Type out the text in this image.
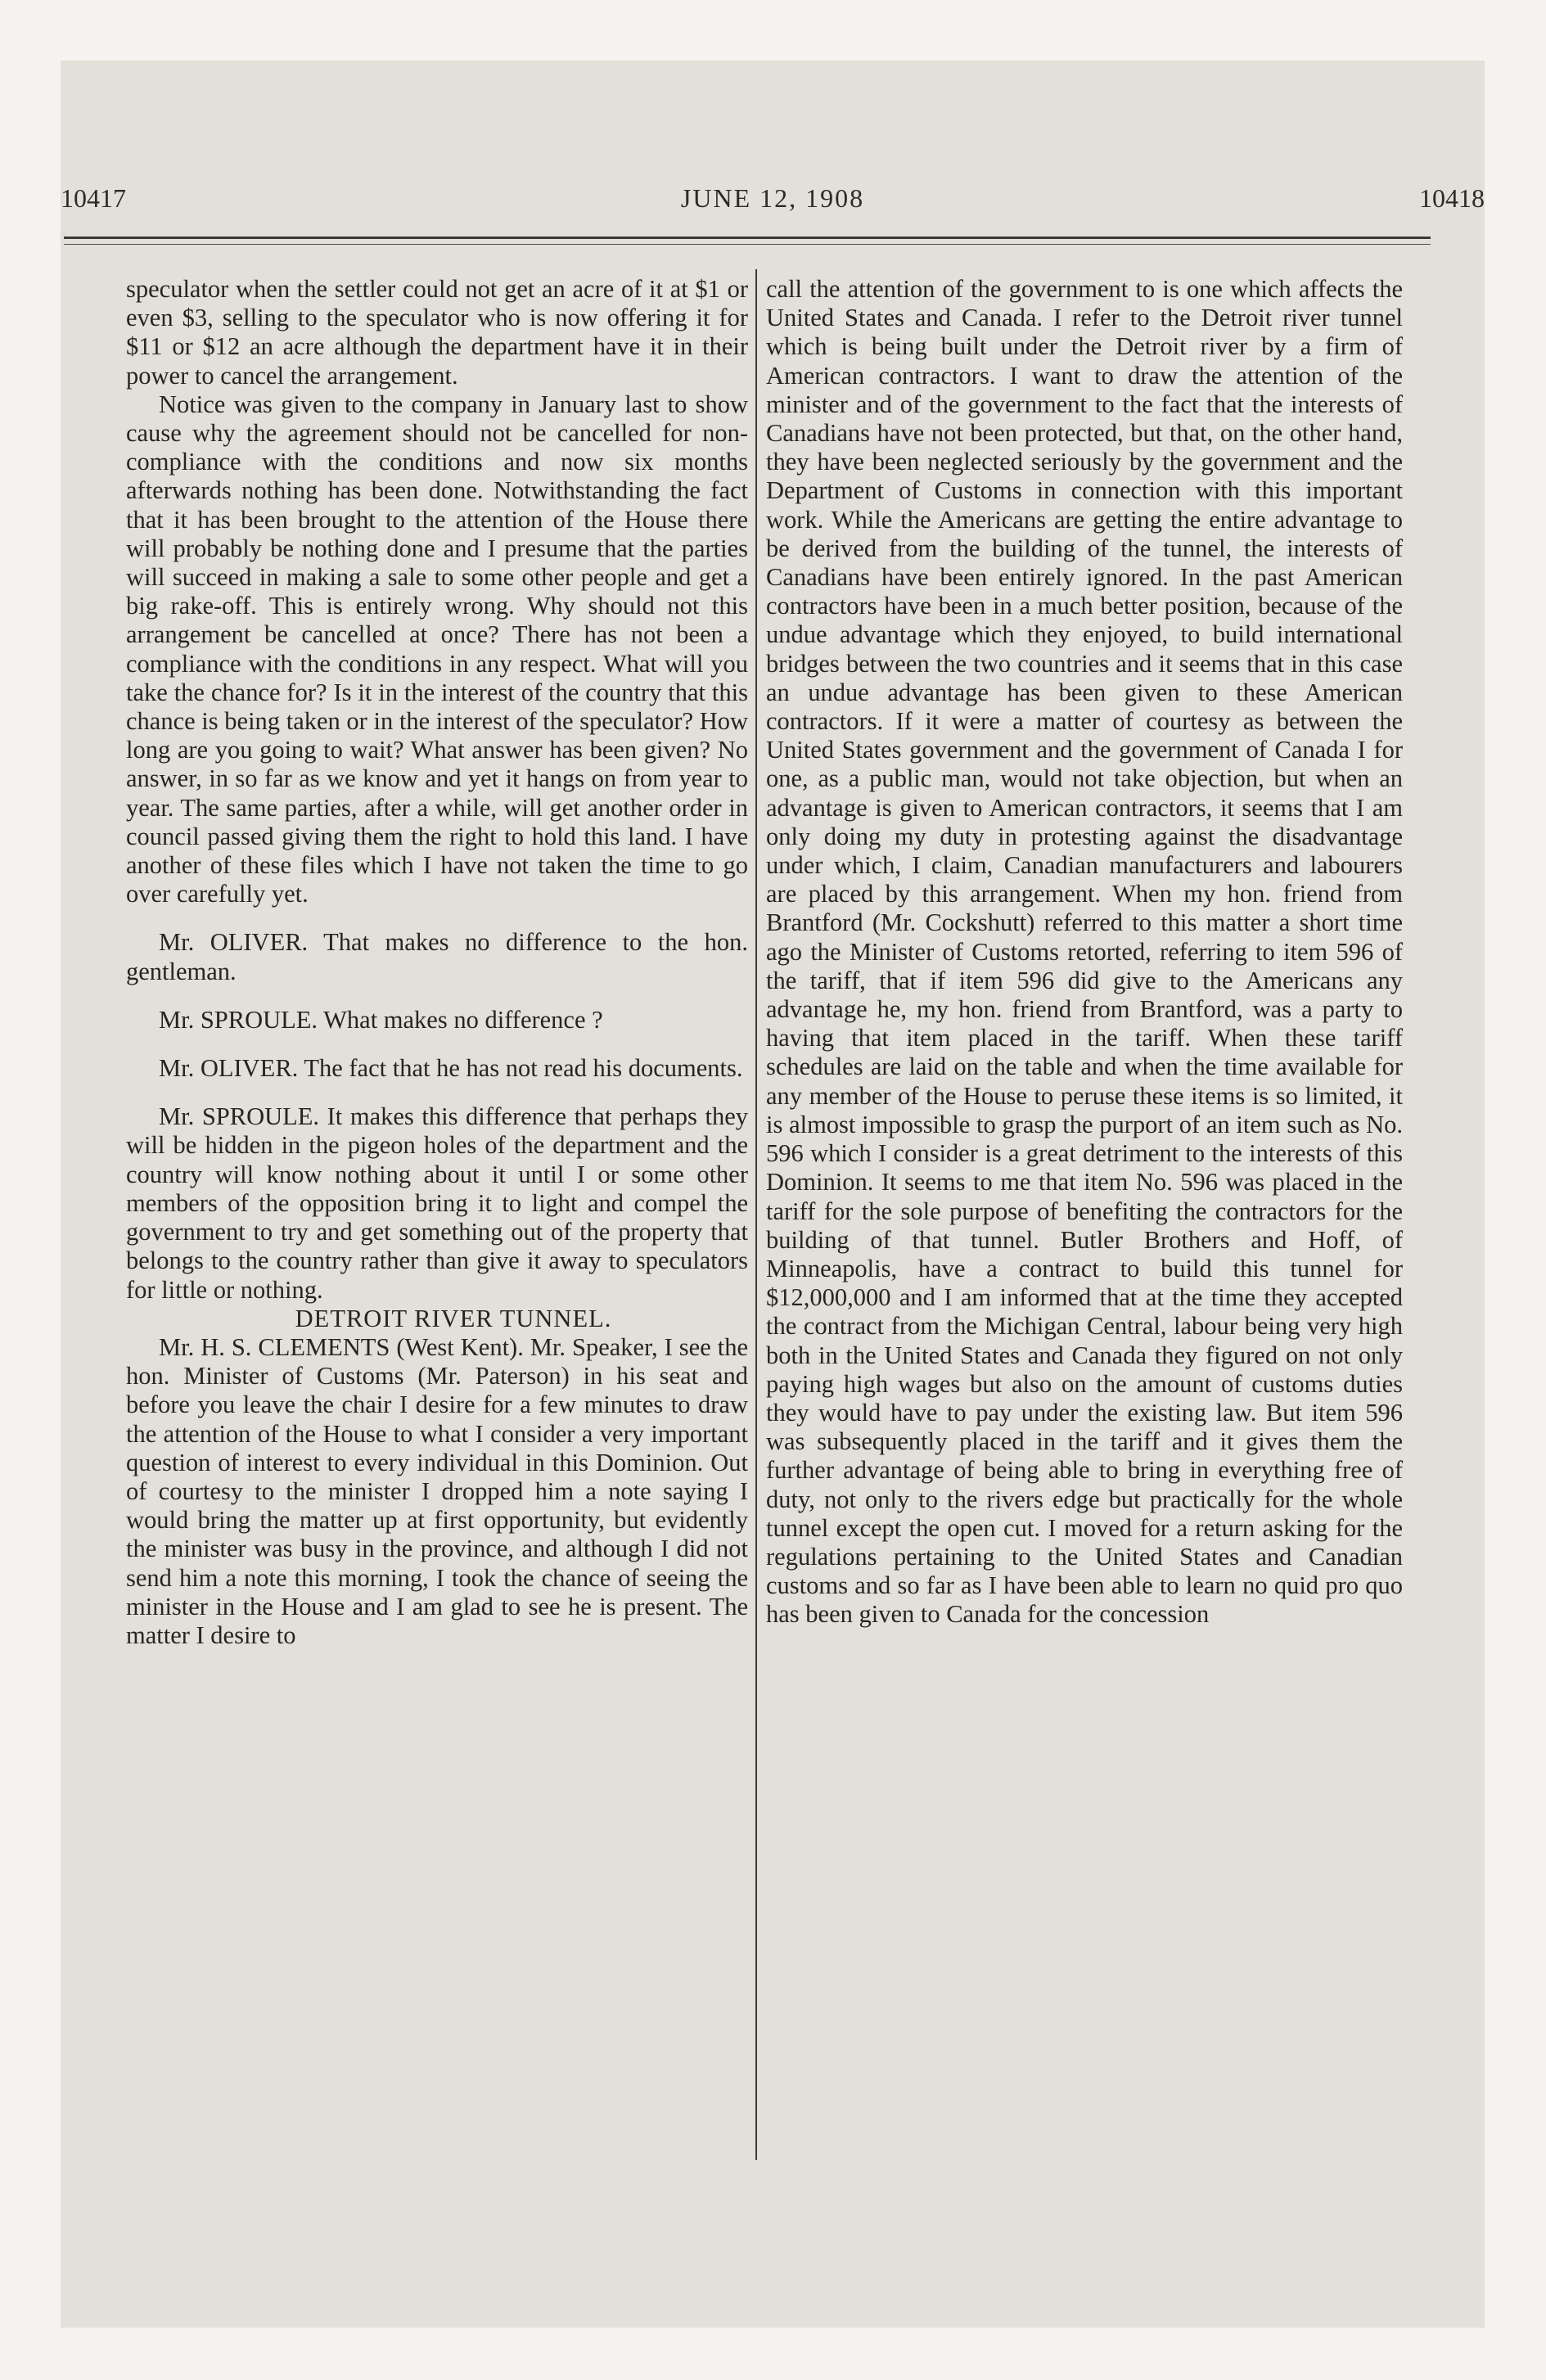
10417	JUNE 12, 1908	10418

speculator when the settler could not get an acre of it at $1 or even $3, selling to the speculator who is now offering it for $11 or $12 an acre although the department have it in their power to cancel the arrangement.

Notice was given to the company in January last to show cause why the agreement should not be cancelled for non-compliance with the conditions and now six months afterwards nothing has been done. Notwithstanding the fact that it has been brought to the attention of the House there will probably be nothing done and I presume that the parties will succeed in making a sale to some other people and get a big rake-off. This is entirely wrong. Why should not this arrangement be cancelled at once? There has not been a compliance with the conditions in any respect. What will you take the chance for? Is it in the interest of the country that this chance is being taken or in the interest of the speculator? How long are you going to wait? What answer has been given? No answer, in so far as we know and yet it hangs on from year to year. The same parties, after a while, will get another order in council passed giving them the right to hold this land. I have another of these files which I have not taken the time to go over carefully yet.

Mr. OLIVER. That makes no difference to the hon. gentleman.

Mr. SPROULE. What makes no difference ?

Mr. OLIVER. The fact that he has not read his documents.

Mr. SPROULE. It makes this difference that perhaps they will be hidden in the pigeon holes of the department and the country will know nothing about it until I or some other members of the opposition bring it to light and compel the government to try and get something out of the property that belongs to the country rather than give it away to speculators for little or nothing.

DETROIT RIVER TUNNEL.

Mr. H. S. CLEMENTS (West Kent). Mr. Speaker, I see the hon. Minister of Customs (Mr. Paterson) in his seat and before you leave the chair I desire for a few minutes to draw the attention of the House to what I consider a very important question of interest to every individual in this Dominion. Out of courtesy to the minister I dropped him a note saying I would bring the matter up at first opportunity, but evidently the minister was busy in the province, and although I did not send him a note this morning, I took the chance of seeing the minister in the House and I am glad to see he is present. The matter I desire to

call the attention of the government to is one which affects the United States and Canada. I refer to the Detroit river tunnel which is being built under the Detroit river by a firm of American contractors. I want to draw the attention of the minister and of the government to the fact that the interests of Canadians have not been protected, but that, on the other hand, they have been neglected seriously by the government and the Department of Customs in connection with this important work. While the Americans are getting the entire advantage to be derived from the building of the tunnel, the interests of Canadians have been entirely ignored. In the past American contractors have been in a much better position, because of the undue advantage which they enjoyed, to build international bridges between the two countries and it seems that in this case an undue advantage has been given to these American contractors. If it were a matter of courtesy as between the United States government and the government of Canada I for one, as a public man, would not take objection, but when an advantage is given to American contractors, it seems that I am only doing my duty in protesting against the disadvantage under which, I claim, Canadian manufacturers and labourers are placed by this arrangement. When my hon. friend from Brantford (Mr. Cockshutt) referred to this matter a short time ago the Minister of Customs retorted, referring to item 596 of the tariff, that if item 596 did give to the Americans any advantage he, my hon. friend from Brantford, was a party to having that item placed in the tariff. When these tariff schedules are laid on the table and when the time available for any member of the House to peruse these items is so limited, it is almost impossible to grasp the purport of an item such as No. 596 which I consider is a great detriment to the interests of this Dominion. It seems to me that item No. 596 was placed in the tariff for the sole purpose of benefiting the contractors for the building of that tunnel. Butler Brothers and Hoff, of Minneapolis, have a contract to build this tunnel for $12,000,000 and I am informed that at the time they accepted the contract from the Michigan Central, labour being very high both in the United States and Canada they figured on not only paying high wages but also on the amount of customs duties they would have to pay under the existing law. But item 596 was subsequently placed in the tariff and it gives them the further advantage of being able to bring in everything free of duty, not only to the rivers edge but practically for the whole tunnel except the open cut. I moved for a return asking for the regulations pertaining to the United States and Canadian customs and so far as I have been able to learn no quid pro quo has been given to Canada for the concession
